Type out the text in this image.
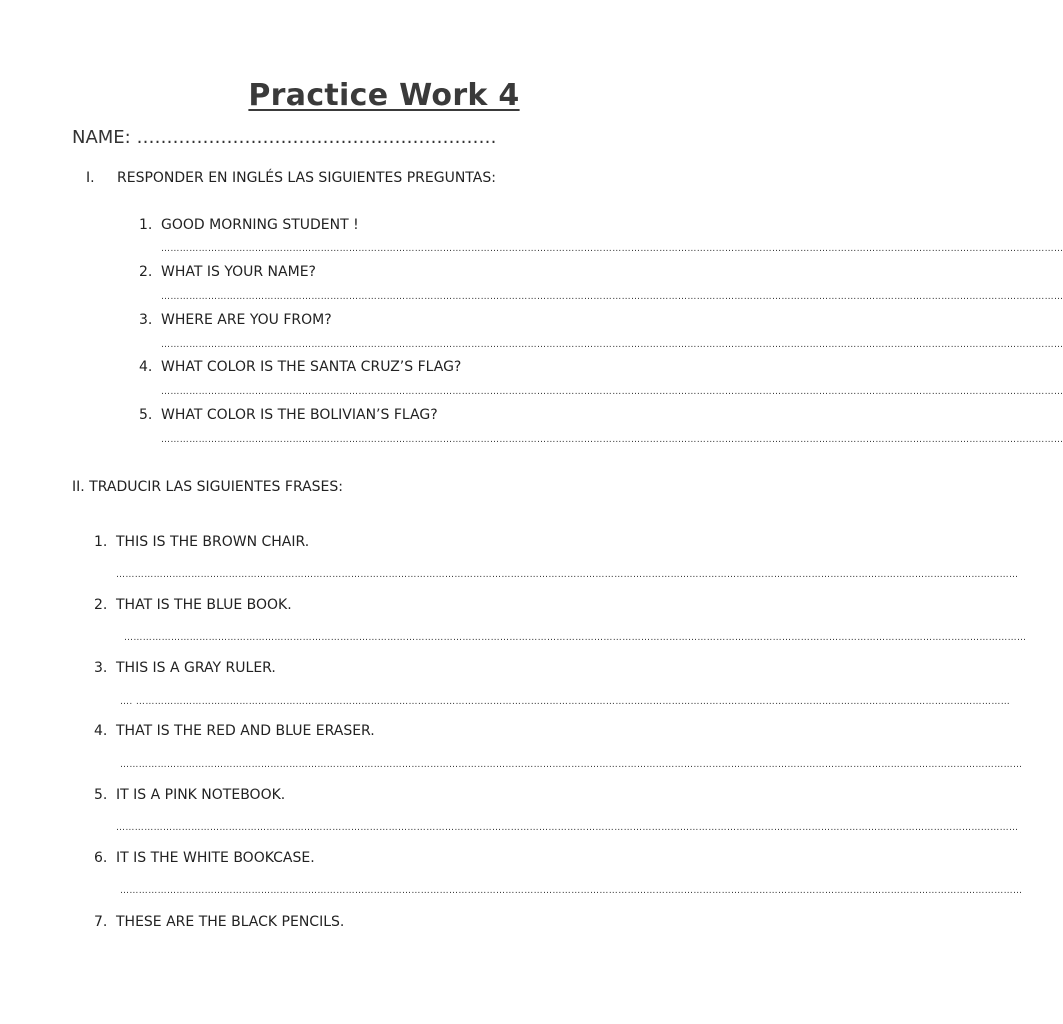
Practice Work 4
NAME: ……………………………………………………
I. RESPONDER EN INGLÉS LAS SIGUIENTES PREGUNTAS:
1. GOOD MORNING STUDENT !
………………………………………………………………………………………………………………………………………………………………………………………………………………………………………………………………
2. WHAT IS YOUR NAME?
………………………………………………………………………………………………………………………………………………………………………………………………………………………………………………………………
3. WHERE ARE YOU FROM?
………………………………………………………………………………………………………………………………………………………………………………………………………………………………………………………………
4. WHAT COLOR IS THE SANTA CRUZ’S FLAG?
………………………………………………………………………………………………………………………………………………………………………………………………………………………………………………………………
5. WHAT COLOR IS THE BOLIVIAN’S FLAG?
………………………………………………………………………………………………………………………………………………………………………………………………………………………………………………………………
II. TRADUCIR LAS SIGUIENTES FRASES:
1. THIS IS THE BROWN CHAIR.
………………………………………………………………………………………………………………………………………………………………………………………………………………………………………………………………
2. THAT IS THE BLUE BOOK.
………………………………………………………………………………………………………………………………………………………………………………………………………………………………………………………………
3. THIS IS A GRAY RULER.
…. ………………………………………………………………………………………………………………………………………………………………………………………………………………………………………………………
4. THAT IS THE RED AND BLUE ERASER.
………………………………………………………………………………………………………………………………………………………………………………………………………………………………………………………………
5. IT IS A PINK NOTEBOOK.
………………………………………………………………………………………………………………………………………………………………………………………………………………………………………………………………
6. IT IS THE WHITE BOOKCASE.
………………………………………………………………………………………………………………………………………………………………………………………………………………………………………………………………
7. THESE ARE THE BLACK PENCILS.
